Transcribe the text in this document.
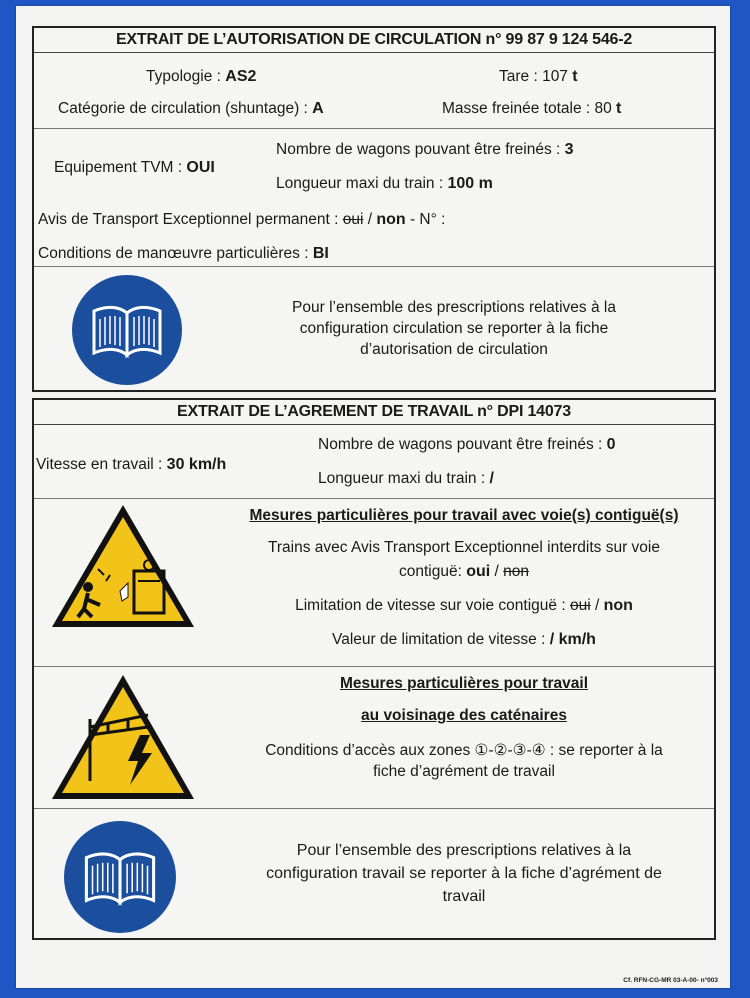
EXTRAIT DE L’AUTORISATION DE CIRCULATION n° 99 87 9 124 546-2
Typologie : AS2	Tare : 107 t
Catégorie de circulation (shuntage) : A	Masse freinée totale : 80 t
Equipement TVM : OUI
Nombre de wagons pouvant être freinés : 3
Longueur maxi du train : 100 m
Avis de Transport Exceptionnel permanent : oui / non - N° :
Conditions de manœuvre particulières : BI
Pour l’ensemble des prescriptions relatives à la
configuration circulation se reporter à la fiche
d’autorisation de circulation
EXTRAIT DE L’AGREMENT DE TRAVAIL n° DPI 14073
Vitesse en travail : 30 km/h
Nombre de wagons pouvant être freinés : 0
Longueur maxi du train : /
Mesures particulières pour travail avec voie(s) contiguë(s)
Trains avec Avis Transport Exceptionnel interdits sur voie
contiguë: oui / non
Limitation de vitesse sur voie contiguë : oui / non
Valeur de limitation de vitesse : / km/h
Mesures particulières pour travail
au voisinage des caténaires
Conditions d’accès aux zones ①-②-③-④ : se reporter à la
fiche d’agrément de travail
Pour l’ensemble des prescriptions relatives à la
configuration travail se reporter à la fiche d’agrément de
travail
Cf. RFN-CG-MR 03-A-00- n°003
